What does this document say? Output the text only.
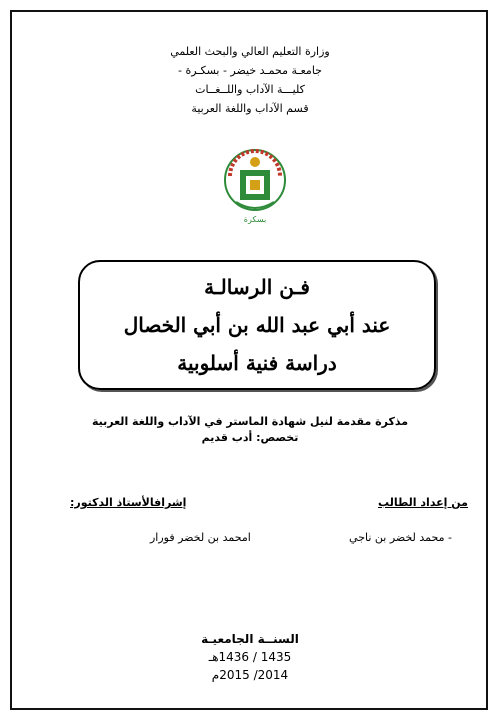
وزارة التعليم العالي والبحث العلمي
جامعـة محمـد خيضر - بسكـرة -
كليـــة الآداب واللــغــات
قسم الآداب واللغة العربية
بسكرة
فـن الرسالـة
عند أبي عبد الله بن أبي الخصال
دراسة فنية أسلوبية
مذكرة مقدمة لنيل شهادة الماستر في الآداب واللغة العربية
تخصص: أدب قديم
من إعداد الطالب
إشرافالأستاذ الدكتور:
- محمد لخضر بن ناجي
امحمد بن لخضر فورار
السنــة الجامعيـة
1435 / 1436هـ
2014/ 2015م
